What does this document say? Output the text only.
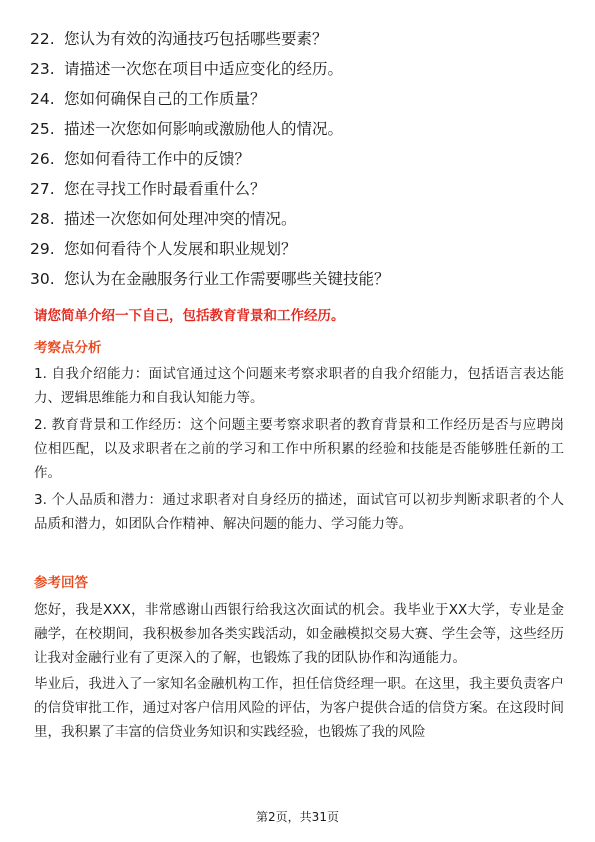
22. 您认为有效的沟通技巧包括哪些要素？
23. 请描述一次您在项目中适应变化的经历。
24. 您如何确保自己的工作质量？
25. 描述一次您如何影响或激励他人的情况。
26. 您如何看待工作中的反馈？
27. 您在寻找工作时最看重什么？
28. 描述一次您如何处理冲突的情况。
29. 您如何看待个人发展和职业规划？
30. 您认为在金融服务行业工作需要哪些关键技能？
请您简单介绍一下自己，包括教育背景和工作经历。
考察点分析

1. 自我介绍能力：面试官通过这个问题来考察求职者的自我介绍能力，包括语言表达能力、逻辑思维能力和自我认知能力等。

2. 教育背景和工作经历：这个问题主要考察求职者的教育背景和工作经历是否与应聘岗位相匹配，以及求职者在之前的学习和工作中所积累的经验和技能是否能够胜任新的工作。

3. 个人品质和潜力：通过求职者对自身经历的描述，面试官可以初步判断求职者的个人品质和潜力，如团队合作精神、解决问题的能力、学习能力等。

参考回答

您好，我是XXX，非常感谢山西银行给我这次面试的机会。我毕业于XX大学，专业是金融学，在校期间，我积极参加各类实践活动，如金融模拟交易大赛、学生会等，这些经历让我对金融行业有了更深入的了解，也锻炼了我的团队协作和沟通能力。

毕业后，我进入了一家知名金融机构工作，担任信贷经理一职。在这里，我主要负责客户的信贷审批工作，通过对客户信用风险的评估，为客户提供合适的信贷方案。在这段时间里，我积累了丰富的信贷业务知识和实践经验，也锻炼了我的风险

第2页，共31页
